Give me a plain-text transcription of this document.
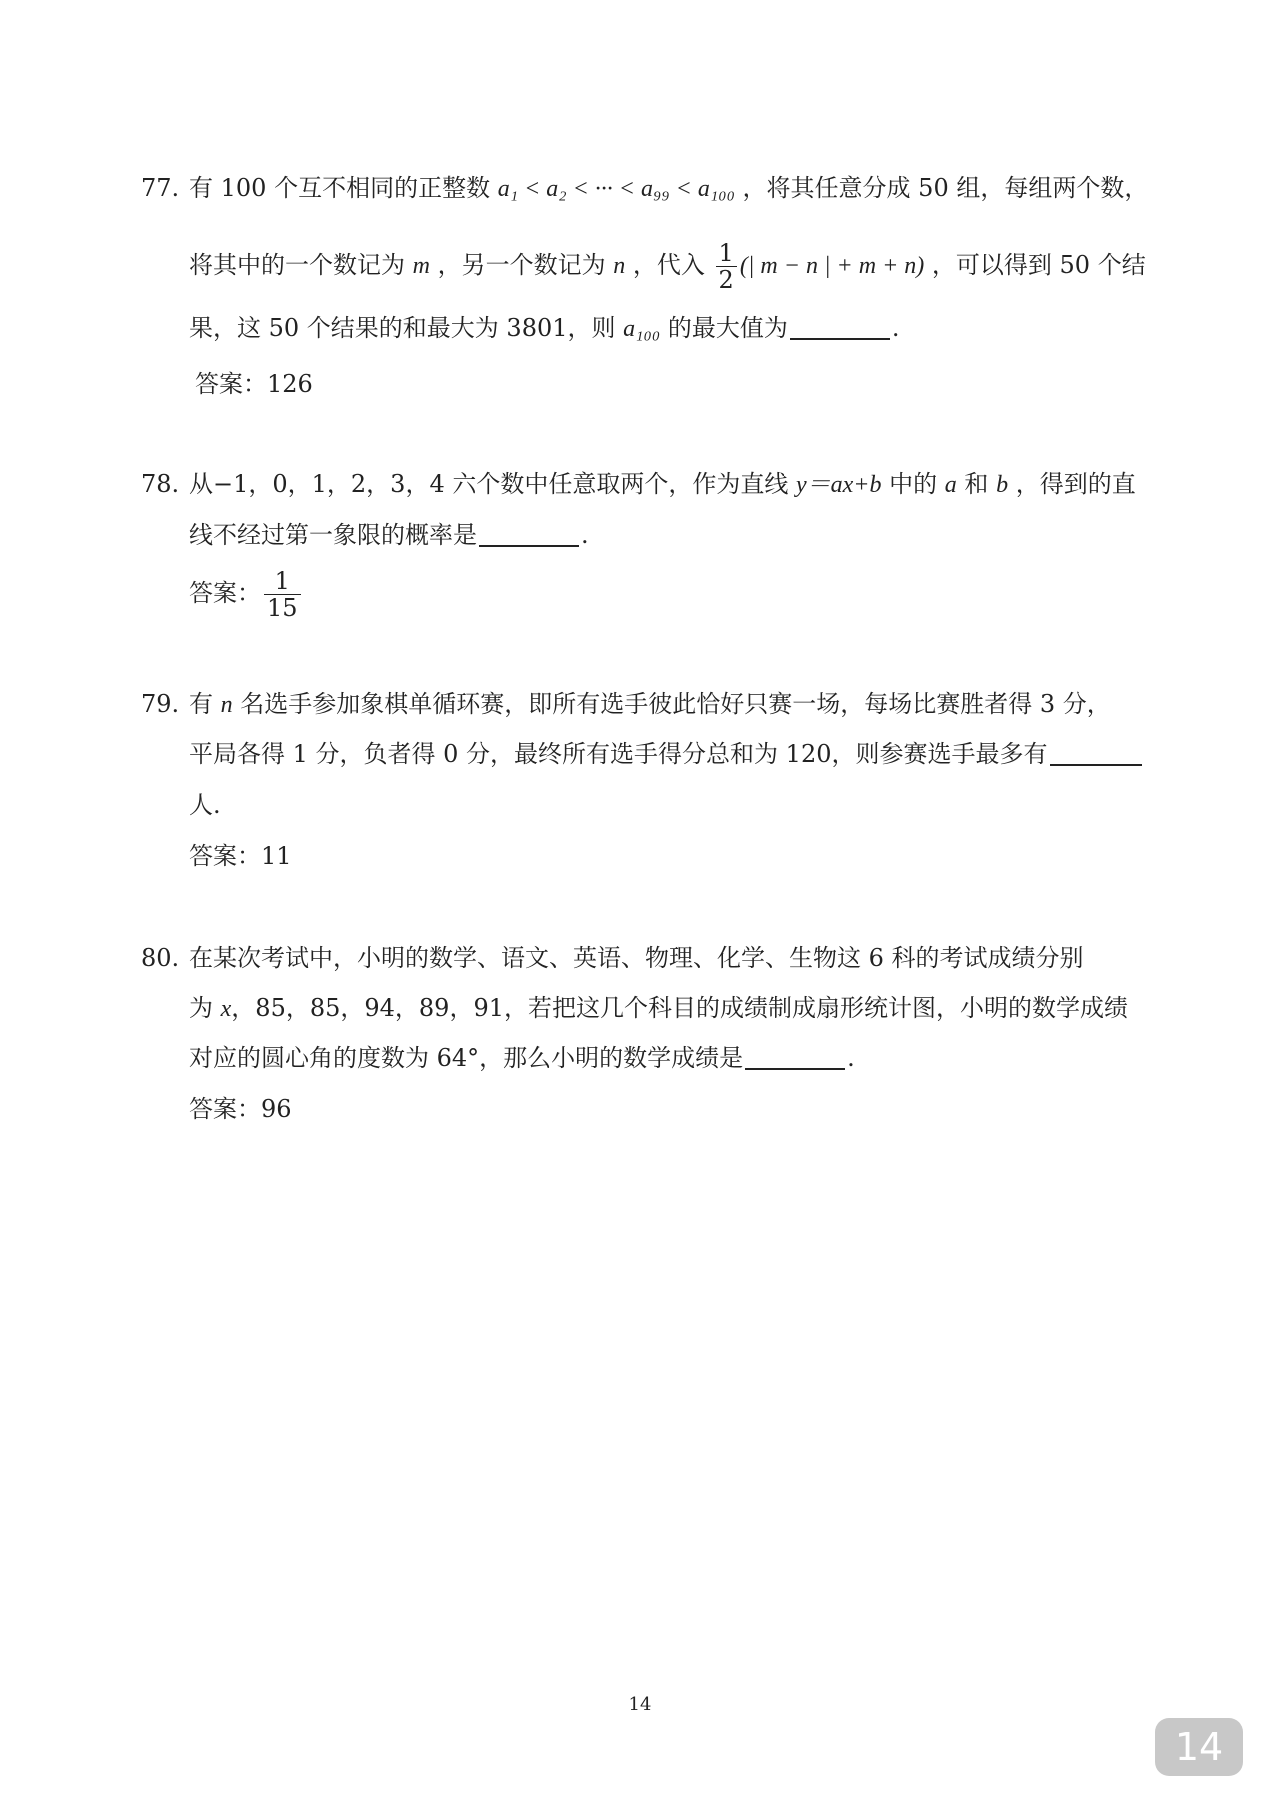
77. 有 100 个互不相同的正整数 a₁ < a₂ < ··· < a₉₉ < a₁₀₀ ，将其任意分成 50 组，每组两个数，
将其中的一个数记为 m ，另一个数记为 n ，代入 $\frac{1}{2}$ (| m − n | + m + n) ，可以得到 50 个结
果，这 50 个结果的和最大为 3801，则 a₁₀₀ 的最大值为	.
答案：126
78. 从−1，0，1，2，3，4 六个数中任意取两个，作为直线 y＝ax+b 中的 a 和 b ，得到的直
线不经过第一象限的概率是	.
答案： $\frac{1}{15}$
79. 有 n 名选手参加象棋单循环赛，即所有选手彼此恰好只赛一场，每场比赛胜者得 3 分，
平局各得 1 分，负者得 0 分，最终所有选手得分总和为 120，则参赛选手最多有
人.
答案：11
80. 在某次考试中，小明的数学、语文、英语、物理、化学、生物这 6 科的考试成绩分别
为 x，85，85，94，89，91，若把这几个科目的成绩制成扇形统计图，小明的数学成绩
对应的圆心角的度数为 64°，那么小明的数学成绩是	.
答案：96
14
14
